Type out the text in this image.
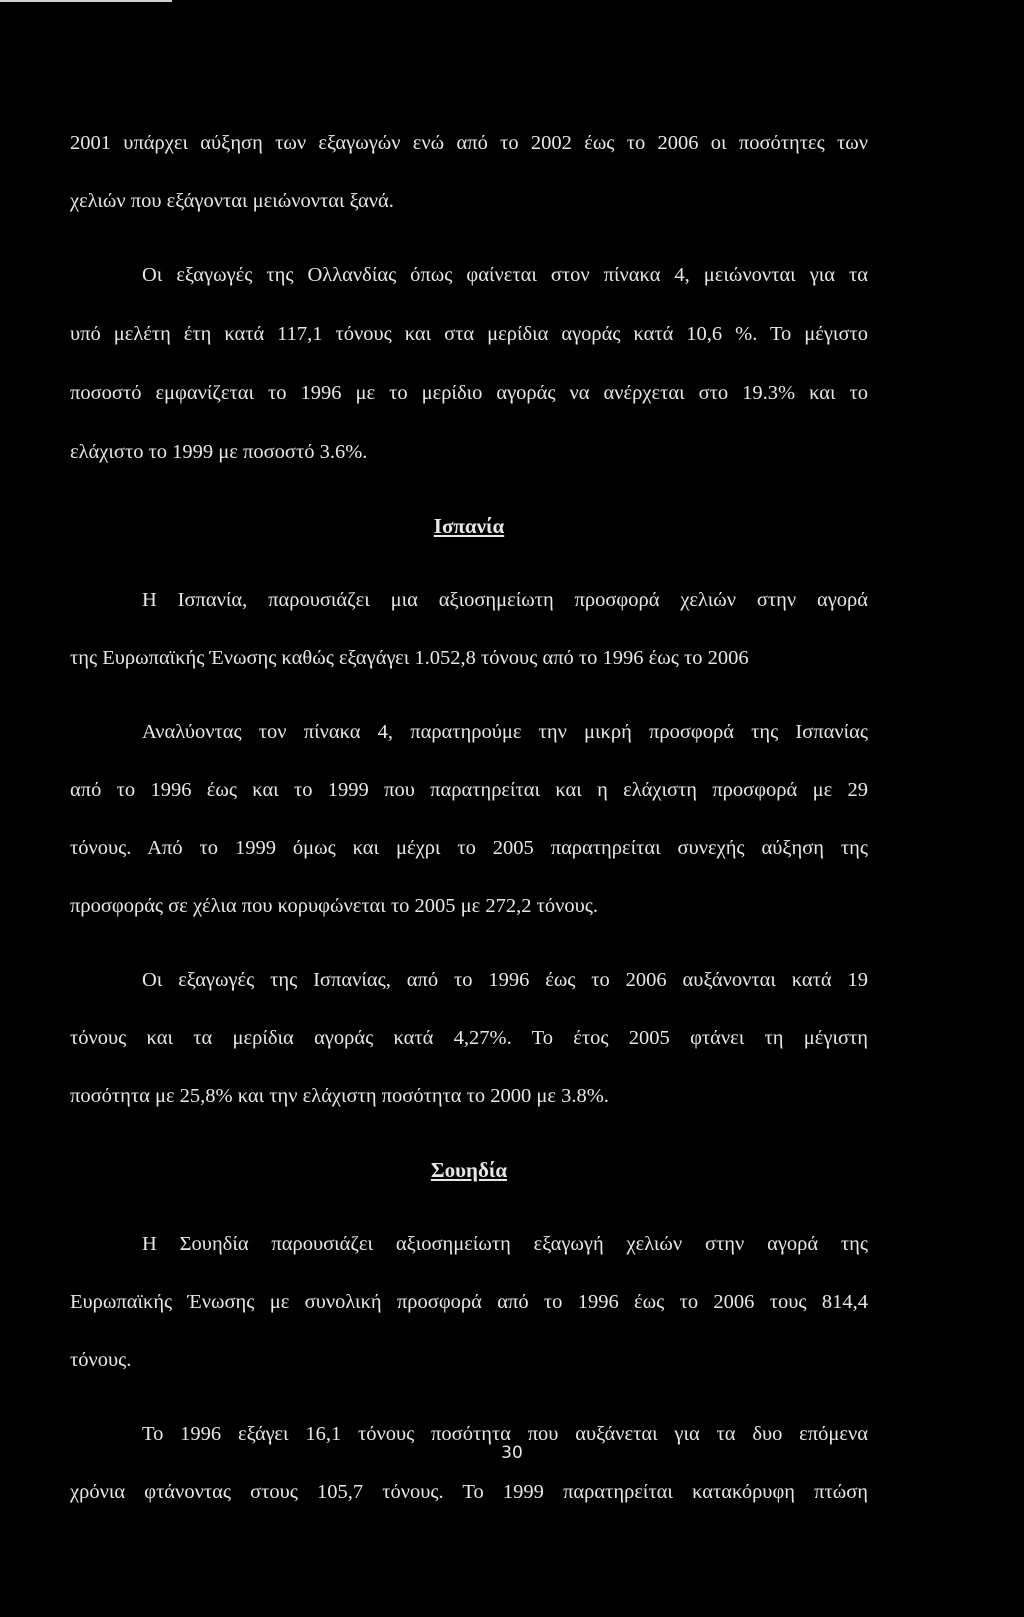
2001 υπάρχει αύξηση των εξαγωγών ενώ από το 2002 έως το 2006 οι ποσότητες των

χελιών που εξάγονται μειώνονται ξανά.

Οι εξαγωγές της Ολλανδίας όπως φαίνεται στον πίνακα 4, μειώνονται για τα

υπό μελέτη έτη κατά 117,1 τόνους και στα μερίδια αγοράς κατά 10,6 %. Το μέγιστο

ποσοστό εμφανίζεται το 1996 με το μερίδιο αγοράς να ανέρχεται στο 19.3% και το

ελάχιστο το 1999 με ποσοστό 3.6%.

Ισπανία

Η Ισπανία, παρουσιάζει μια αξιοσημείωτη προσφορά χελιών στην αγορά

της Ευρωπαϊκής Ένωσης καθώς εξαγάγει 1.052,8 τόνους από το 1996 έως το 2006

Αναλύοντας τον πίνακα 4, παρατηρούμε την μικρή προσφορά της Ισπανίας

από το 1996 έως και το 1999 που παρατηρείται και η ελάχιστη προσφορά με 29

τόνους. Από το 1999 όμως και μέχρι το 2005 παρατηρείται συνεχής αύξηση της

προσφοράς σε χέλια που κορυφώνεται το 2005 με 272,2 τόνους.

Οι εξαγωγές της Ισπανίας, από το 1996 έως το 2006 αυξάνονται κατά 19

τόνους και τα μερίδια αγοράς κατά 4,27%. Το έτος 2005 φτάνει τη μέγιστη

ποσότητα με 25,8% και την ελάχιστη ποσότητα το 2000 με 3.8%.

Σουηδία

Η Σουηδία παρουσιάζει αξιοσημείωτη εξαγωγή χελιών στην αγορά της

Ευρωπαϊκής Ένωσης με συνολική προσφορά από το 1996 έως το 2006 τους 814,4

τόνους.

Το 1996 εξάγει 16,1 τόνους ποσότητα που αυξάνεται για τα δυο επόμενα

χρόνια φτάνοντας στους 105,7 τόνους. Το 1999 παρατηρείται κατακόρυφη πτώση

30
